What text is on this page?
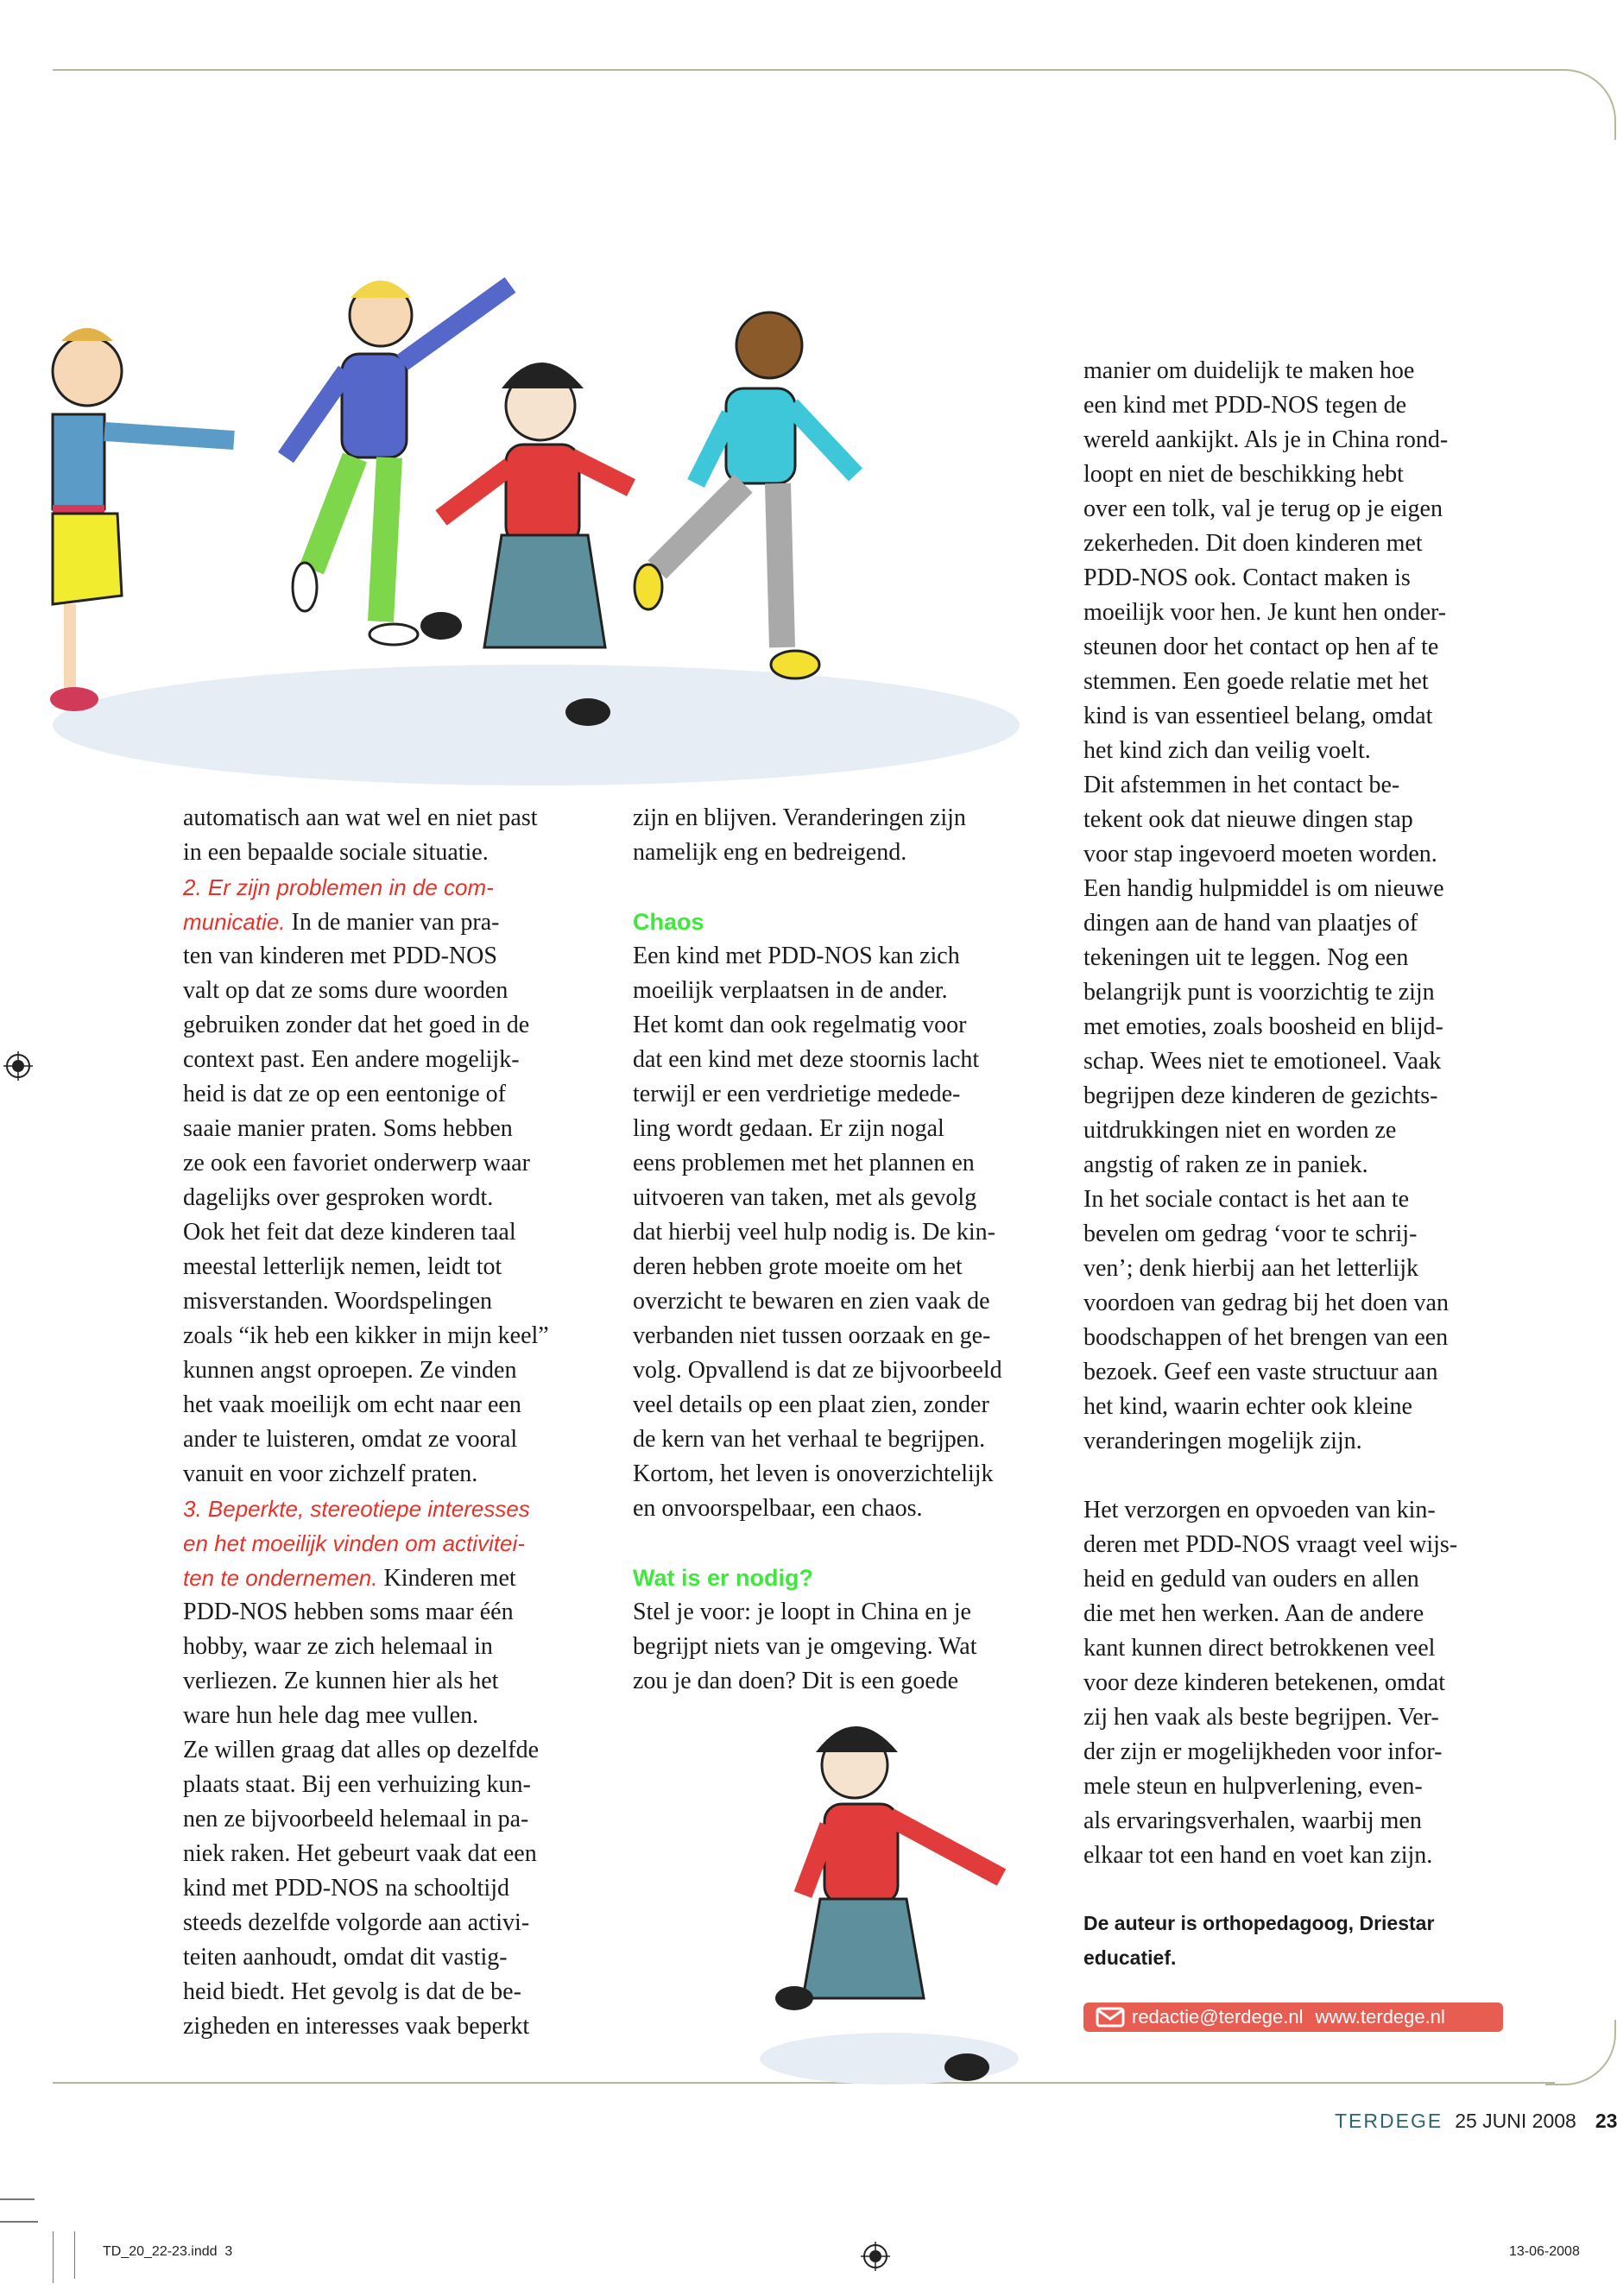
automatisch aan wat wel en niet past
in een bepaalde sociale situatie.
2. Er zijn problemen in de com-
municatie. In de manier van pra-
ten van kinderen met PDD-NOS
valt op dat ze soms dure woorden
gebruiken zonder dat het goed in de
context past. Een andere mogelijk-
heid is dat ze op een eentonige of
saaie manier praten. Soms hebben
ze ook een favoriet onderwerp waar
dagelijks over gesproken wordt.
Ook het feit dat deze kinderen taal
meestal letterlijk nemen, leidt tot
misverstanden. Woordspelingen
zoals “ik heb een kikker in mijn keel”
kunnen angst oproepen. Ze vinden
het vaak moeilijk om echt naar een
ander te luisteren, omdat ze vooral
vanuit en voor zichzelf praten.
3. Beperkte, stereotiepe interesses
en het moeilijk vinden om activitei-
ten te ondernemen. Kinderen met
PDD-NOS hebben soms maar één
hobby, waar ze zich helemaal in
verliezen. Ze kunnen hier als het
ware hun hele dag mee vullen.
Ze willen graag dat alles op dezelfde
plaats staat. Bij een verhuizing kun-
nen ze bijvoorbeeld helemaal in pa-
niek raken. Het gebeurt vaak dat een
kind met PDD-NOS na schooltijd
steeds dezelfde volgorde aan activi-
teiten aanhoudt, omdat dit vastig-
heid biedt. Het gevolg is dat de be-
zigheden en interesses vaak beperkt
zijn en blijven. Veranderingen zijn
namelijk eng en bedreigend.
Chaos
Een kind met PDD-NOS kan zich
moeilijk verplaatsen in de ander.
Het komt dan ook regelmatig voor
dat een kind met deze stoornis lacht
terwijl er een verdrietige medede-
ling wordt gedaan. Er zijn nogal
eens problemen met het plannen en
uitvoeren van taken, met als gevolg
dat hierbij veel hulp nodig is. De kin-
deren hebben grote moeite om het
overzicht te bewaren en zien vaak de
verbanden niet tussen oorzaak en ge-
volg. Opvallend is dat ze bijvoorbeeld
veel details op een plaat zien, zonder
de kern van het verhaal te begrijpen.
Kortom, het leven is onoverzichtelijk
en onvoorspelbaar, een chaos.
Wat is er nodig?
Stel je voor: je loopt in China en je
begrijpt niets van je omgeving. Wat
zou je dan doen? Dit is een goede
manier om duidelijk te maken hoe
een kind met PDD-NOS tegen de
wereld aankijkt. Als je in China rond-
loopt en niet de beschikking hebt
over een tolk, val je terug op je eigen
zekerheden. Dit doen kinderen met
PDD-NOS ook. Contact maken is
moeilijk voor hen. Je kunt hen onder-
steunen door het contact op hen af te
stemmen. Een goede relatie met het
kind is van essentieel belang, omdat
het kind zich dan veilig voelt.
Dit afstemmen in het contact be-
tekent ook dat nieuwe dingen stap
voor stap ingevoerd moeten worden.
Een handig hulpmiddel is om nieuwe
dingen aan de hand van plaatjes of
tekeningen uit te leggen. Nog een
belangrijk punt is voorzichtig te zijn
met emoties, zoals boosheid en blijd-
schap. Wees niet te emotioneel. Vaak
begrijpen deze kinderen de gezichts-
uitdrukkingen niet en worden ze
angstig of raken ze in paniek.
In het sociale contact is het aan te
bevelen om gedrag ‘voor te schrij-
ven’; denk hierbij aan het letterlijk
voordoen van gedrag bij het doen van
boodschappen of het brengen van een
bezoek. Geef een vaste structuur aan
het kind, waarin echter ook kleine
veranderingen mogelijk zijn.
Het verzorgen en opvoeden van kin-
deren met PDD-NOS vraagt veel wijs-
heid en geduld van ouders en allen
die met hen werken. Aan de andere
kant kunnen direct betrokkenen veel
voor deze kinderen betekenen, omdat
zij hen vaak als beste begrijpen. Ver-
der zijn er mogelijkheden voor infor-
mele steun en hulpverlening, even-
als ervaringsverhalen, waarbij men
elkaar tot een hand en voet kan zijn.
De auteur is orthopedagoog, Driestar
educatief.
redactie@terdege.nl www.terdege.nl
TERDEGE 25 JUNI 2008 23
TD_20_22-23.indd  3	13-06-2008
